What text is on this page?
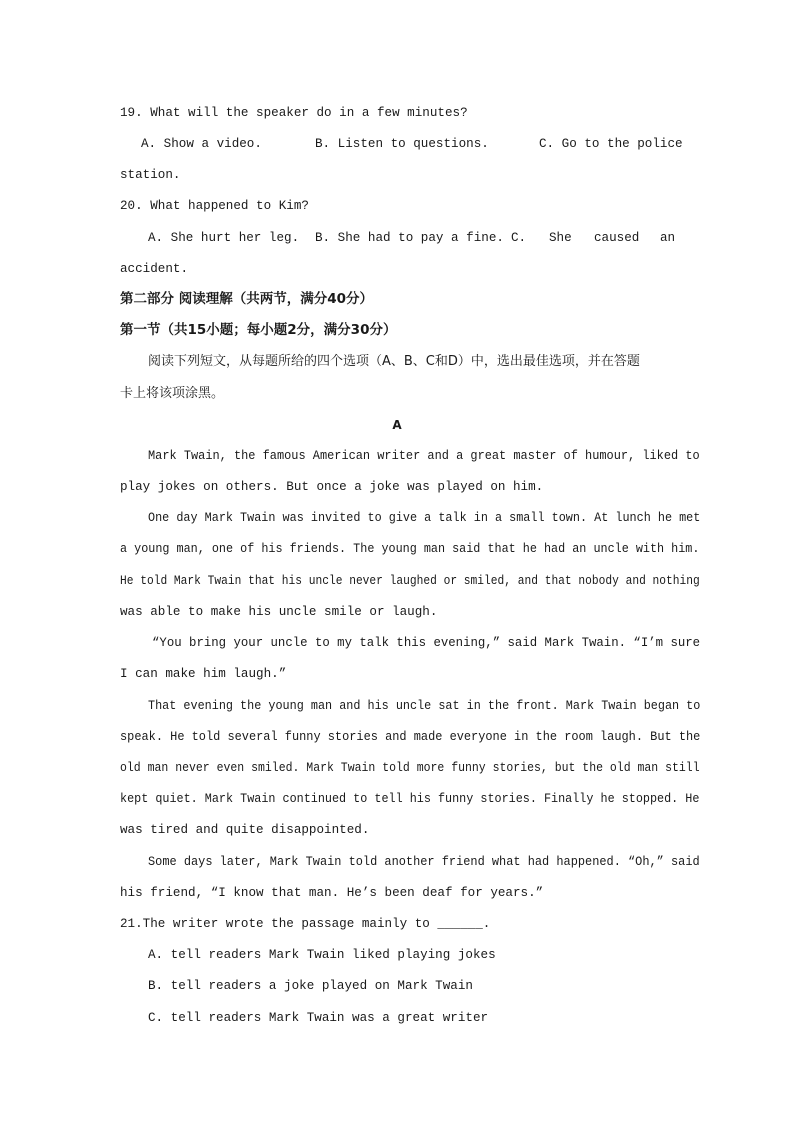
19. What will the speaker do in a few minutes?
A. Show a video.	B. Listen to questions.	C. Go to the police
station.
20. What happened to Kim?
A. She hurt her leg. B. She had to pay a fine. C. She caused an
accident.
第二部分 阅读理解（共两节，满分40分）
第一节（共15小题；每小题2分，满分30分）
阅读下列短文，从每题所给的四个选项（A、B、C和D）中，选出最佳选项，并在答题
卡上将该项涂黑。
A
Mark Twain, the famous American writer and a great master of humour, liked to
play jokes on others. But once a joke was played on him.
One day Mark Twain was invited to give a talk in a small town. At lunch he met
a young man, one of his friends. The young man said that he had an uncle with him.
He told Mark Twain that his uncle never laughed or smiled, and that nobody and nothing
was able to make his uncle smile or laugh.
“You bring your uncle to my talk this evening,” said Mark Twain. “I’m sure
I can make him laugh.”
That evening the young man and his uncle sat in the front. Mark Twain began to
speak. He told several funny stories and made everyone in the room laugh. But the
old man never even smiled. Mark Twain told more funny stories, but the old man still
kept quiet. Mark Twain continued to tell his funny stories. Finally he stopped. He
was tired and quite disappointed.
Some days later, Mark Twain told another friend what had happened. “Oh,” said
his friend, “I know that man. He’s been deaf for years.”
21.The writer wrote the passage mainly to ______.
A. tell readers Mark Twain liked playing jokes
B. tell readers a joke played on Mark Twain
C. tell readers Mark Twain was a great writer
